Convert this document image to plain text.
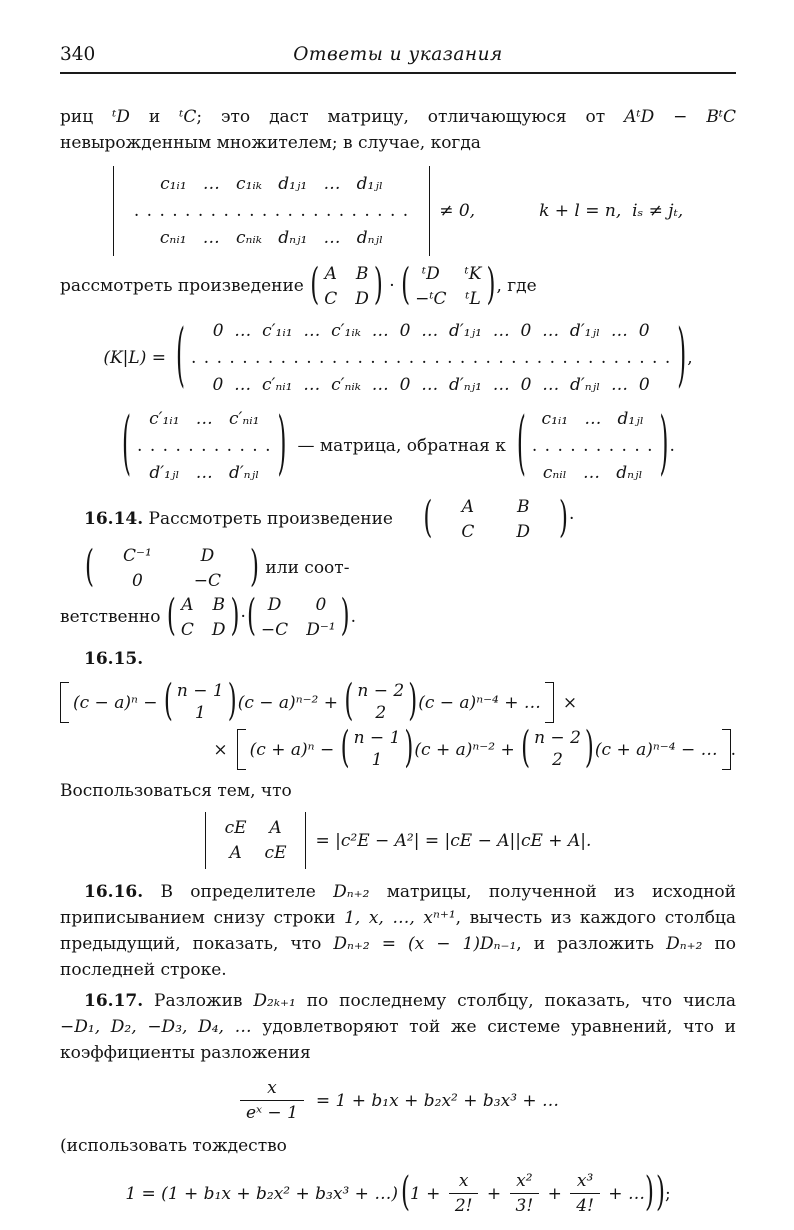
340	Ответы и указания

риц ᵗD и ᵗC; это даст матрицу, отличающуюся от AᵗD − BᵗC невырожденным множителем; в случае, когда

c₁ᵢ₁   …   c₁ᵢₖ   d₁ⱼ₁   …   d₁ⱼₗ
. . . . . . . . . . . . . . . . . . . . . .
cₙᵢ₁   …   cₙᵢₖ   dₙⱼ₁   …   dₙⱼₗ
≠ 0,	k + l = n,  iₛ ≠ jₜ,
рассмотреть произведение ( A B
C D ) · ( ᵗD ᵗK
−ᵗC ᵗL ) , где
(K|L) = ( 0  …  c′₁ᵢ₁  …  c′₁ᵢₖ  …  0  …  d′₁ⱼ₁  …  0  …  d′₁ⱼₗ  …  0
. . . . . . . . . . . . . . . . . . . . . . . . . . . . . . . . . . . . . .
0  …  c′ₙᵢ₁  …  c′ₙᵢₖ  …  0  …  d′ₙⱼ₁  …  0  …  d′ₙⱼₗ  …  0 ) ,
( c′₁ᵢ₁   …   c′ₙᵢ₁
. . . . . . . . . . .
d′₁ⱼₗ   …   d′ₙⱼₗ ) — матрица, обратная к ( c₁ᵢ₁   …   d₁ⱼₗ
. . . . . . . . . .
cₙᵢₗ   …   dₙⱼₗ ) .
16.14. Рассмотреть произведение	(	A	B
C	D	) ·
(	C⁻¹	D
0	−C	) или соот-
ветственно ( A B
C D ) · ( D 0
−C D⁻¹ ) .

16.15.

(c − a)ⁿ − ( n − 1
1 ) (c − a)ⁿ⁻² + ( n − 2
2 ) (c − a)ⁿ⁻⁴ + … ×
× (c + a)ⁿ − ( n − 1
1 ) (c + a)ⁿ⁻² + ( n − 2
2 ) (c + a)ⁿ⁻⁴ − … .

Воспользоваться тем, что

cE A
A cE
= |c²E − A²| = |cE − A||cE + A|.

16.16. В определителе Dₙ₊₂ матрицы, полученной из исходной приписыванием снизу строки 1, x, …, xⁿ⁺¹, вычесть из каждого столбца предыдущий, показать, что Dₙ₊₂ = (x − 1)Dₙ₋₁, и разложить Dₙ₊₂ по последней строке.

16.17. Разложив D₂ₖ₊₁ по последнему столбцу, показать, что числа −D₁, D₂, −D₃, D₄, … удовлетворяют той же системе уравнений, что и коэффициенты разложения

$\frac{x}{\text{eˣ − 1}} = 1 + b_1x + b_2x^2 + b_3x^3$ + …

(использовать тождество

1 = (1 + b₁x + b₂x² + b₃x³ + …) ( $1 + \frac{x}{2!} + \frac{\text{x²}}{3!} + \frac{\text{x³}}{4!}$ + … ) ) ;
